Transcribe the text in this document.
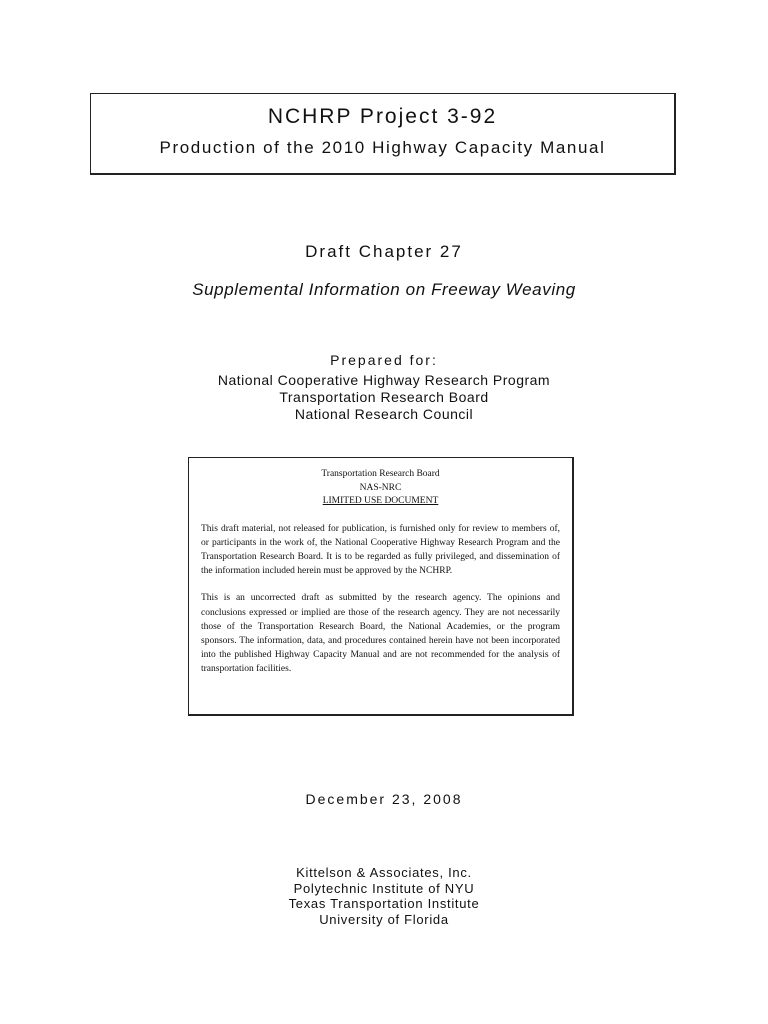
NCHRP Project 3-92
Production of the 2010 Highway Capacity Manual
Draft Chapter 27
Supplemental Information on Freeway Weaving
Prepared for:
National Cooperative Highway Research Program
Transportation Research Board
National Research Council
Transportation Research Board
NAS-NRC
LIMITED USE DOCUMENT

This draft material, not released for publication, is furnished only for review to members of, or participants in the work of, the National Cooperative Highway Research Program and the Transportation Research Board. It is to be regarded as fully privileged, and dissemination of the information included herein must be approved by the NCHRP.

This is an uncorrected draft as submitted by the research agency. The opinions and conclusions expressed or implied are those of the research agency. They are not necessarily those of the Transportation Research Board, the National Academies, or the program sponsors. The information, data, and procedures contained herein have not been incorporated into the published Highway Capacity Manual and are not recommended for the analysis of transportation facilities.

December 23, 2008
Kittelson & Associates, Inc.
Polytechnic Institute of NYU
Texas Transportation Institute
University of Florida
